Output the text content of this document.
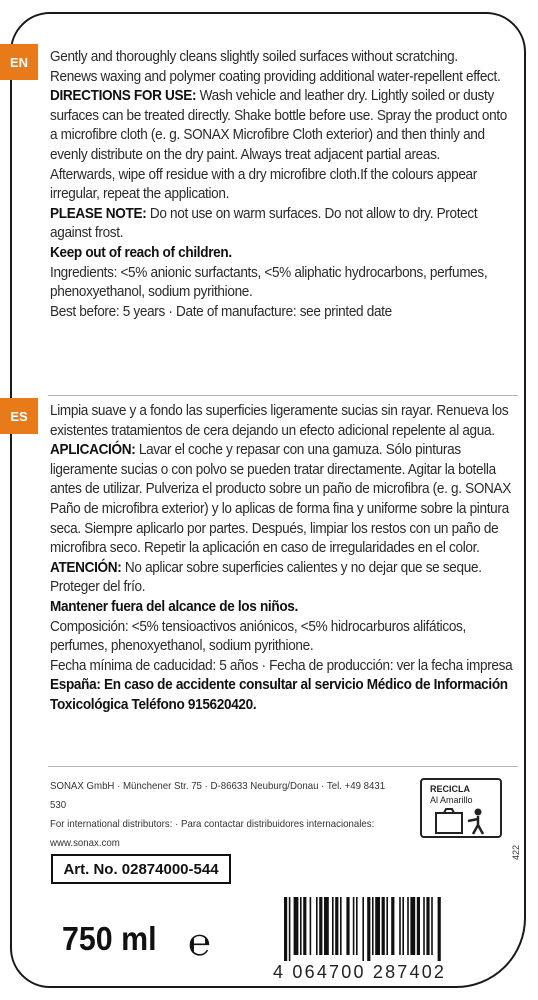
EN
ES

Gently and thoroughly cleans slightly soiled surfaces without scratching. Renews waxing and polymer coating providing additional water-repellent effect. DIRECTIONS FOR USE: Wash vehicle and leather dry. Lightly soiled or dusty surfaces can be treated directly. Shake bottle before use. Spray the product onto a microfibre cloth (e. g. SONAX Microfibre Cloth exterior) and then thinly and evenly distribute on the dry paint. Always treat adjacent partial areas. Afterwards, wipe off residue with a dry microfibre cloth.If the colours appear irregular, repeat the application.

PLEASE NOTE: Do not use on warm surfaces. Do not allow to dry. Protect against frost.

Keep out of reach of children.

Ingredients: <5% anionic surfactants, <5% aliphatic hydrocarbons, perfumes, phenoxyethanol, sodium pyrithione.

Best before: 5 years · Date of manufacture: see printed date

Limpia suave y a fondo las superficies ligeramente sucias sin rayar. Renueva los existentes tratamientos de cera dejando un efecto adicional repelente al agua.

APLICACIÓN: Lavar el coche y repasar con una gamuza. Sólo pinturas ligeramente sucias o con polvo se pueden tratar directamente. Agitar la botella antes de utilizar. Pulveriza el producto sobre un paño de microfibra (e. g. SONAX Paño de microfibra exterior) y lo aplicas de forma fina y uniforme sobre la pintura seca. Siempre aplicarlo por partes. Después, limpiar los restos con un paño de microfibra seco. Repetir la aplicación en caso de irregularidades en el color.

ATENCIÓN: No aplicar sobre superficies calientes y no dejar que se seque. Proteger del frío.

Mantener fuera del alcance de los niños.

Composición: <5% tensioactivos aniónicos, <5% hidrocarburos alifáticos, perfumes, phenoxyethanol, sodium pyrithione.

Fecha mínima de caducidad: 5 años · Fecha de producción: ver la fecha impresa

España: En caso de accidente consultar al servicio Médico de Información Toxicológica Teléfono 915620420.

SONAX GmbH · Münchener Str. 75 · D-86633 Neuburg/Donau · Tel. +49 8431 530

For international distributors: · Para contactar distribuidores internacionales:

www.sonax.com

RECICLA
Al Amarillo
Art. No. 02874000-544
750 ml ℮
422
4 064700 287402
